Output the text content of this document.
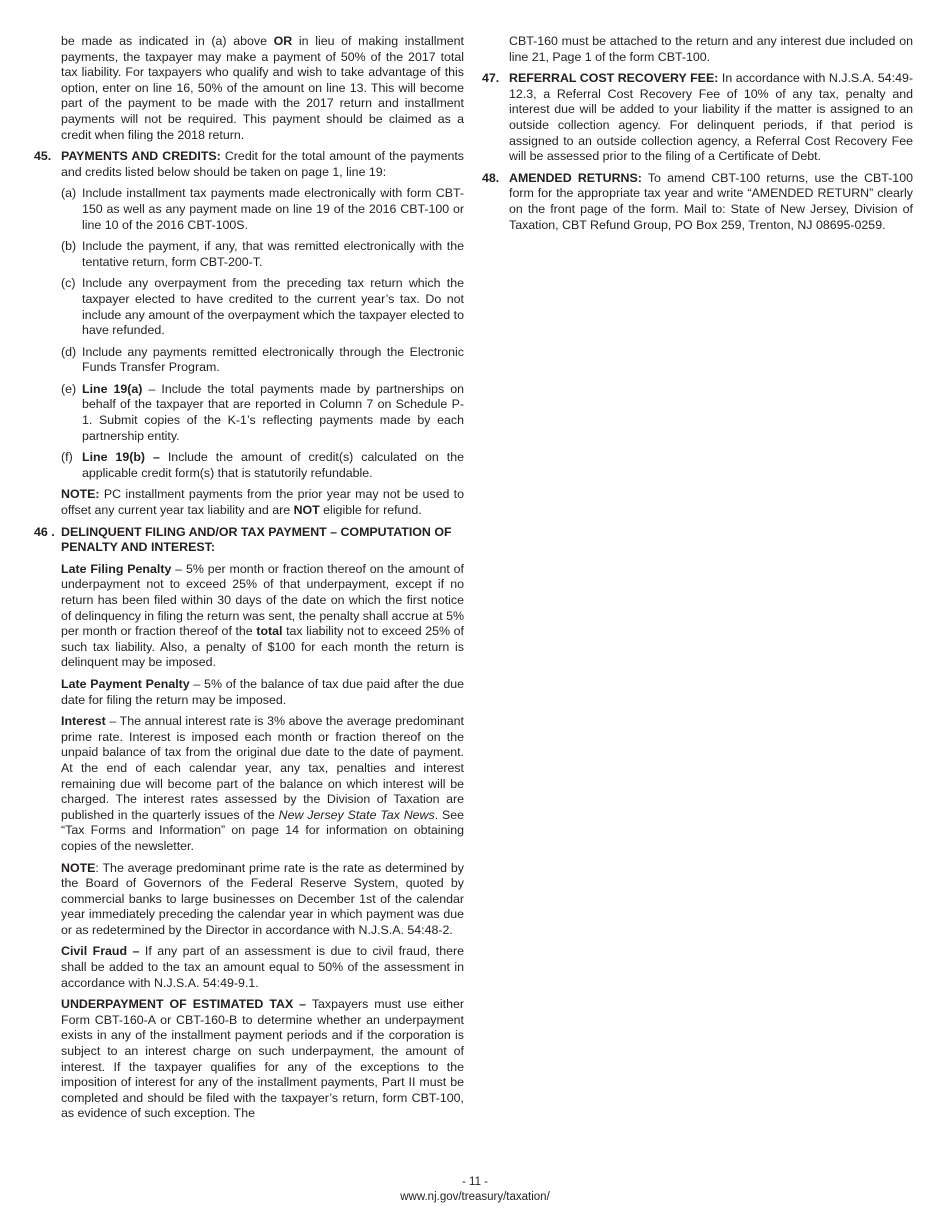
be made as indicated in (a) above OR in lieu of making installment payments, the taxpayer may make a payment of 50% of the 2017 total tax liability. For taxpayers who qualify and wish to take advantage of this option, enter on line 16, 50% of the amount on line 13. This will become part of the payment to be made with the 2017 return and installment payments will not be required. This payment should be claimed as a credit when filing the 2018 return.

45. PAYMENTS AND CREDITS: Credit for the total amount of the payments and credits listed below should be taken on page 1, line 19:

(a) Include installment tax payments made electronically with form CBT-150 as well as any payment made on line 19 of the 2016 CBT-100 or line 10 of the 2016 CBT-100S.

(b) Include the payment, if any, that was remitted electronically with the tentative return, form CBT-200-T.

(c) Include any overpayment from the preceding tax return which the taxpayer elected to have credited to the current year’s tax. Do not include any amount of the overpayment which the taxpayer elected to have refunded.

(d) Include any payments remitted electronically through the Electronic Funds Transfer Program.

(e) Line 19(a) – Include the total payments made by partnerships on behalf of the taxpayer that are reported in Column 7 on Schedule P-1. Submit copies of the K-1’s reflecting payments made by each partnership entity.

(f) Line 19(b) – Include the amount of credit(s) calculated on the applicable credit form(s) that is statutorily refundable.

NOTE: PC installment payments from the prior year may not be used to offset any current year tax liability and are NOT eligible for refund.

46 . DELINQUENT FILING AND/OR TAX PAYMENT – COMPUTATION OF PENALTY AND INTEREST:

Late Filing Penalty – 5% per month or fraction thereof on the amount of underpayment not to exceed 25% of that underpayment, except if no return has been filed within 30 days of the date on which the first notice of delinquency in filing the return was sent, the penalty shall accrue at 5% per month or fraction thereof of the total tax liability not to exceed 25% of such tax liability. Also, a penalty of $100 for each month the return is delinquent may be imposed.

Late Payment Penalty – 5% of the balance of tax due paid after the due date for filing the return may be imposed.

Interest – The annual interest rate is 3% above the average predominant prime rate. Interest is imposed each month or fraction thereof on the unpaid balance of tax from the original due date to the date of payment. At the end of each calendar year, any tax, penalties and interest remaining due will become part of the balance on which interest will be charged. The interest rates assessed by the Division of Taxation are published in the quarterly issues of the New Jersey State Tax News. See “Tax Forms and Information” on page 14 for information on obtaining copies of the newsletter.

NOTE: The average predominant prime rate is the rate as determined by the Board of Governors of the Federal Reserve System, quoted by commercial banks to large businesses on December 1st of the calendar year immediately preceding the calendar year in which payment was due or as redetermined by the Director in accordance with N.J.S.A. 54:48-2.

Civil Fraud – If any part of an assessment is due to civil fraud, there shall be added to the tax an amount equal to 50% of the assessment in accordance with N.J.S.A. 54:49-9.1.

UNDERPAYMENT OF ESTIMATED TAX – Taxpayers must use either Form CBT-160-A or CBT-160-B to determine whether an underpayment exists in any of the installment payment periods and if the corporation is subject to an interest charge on such underpayment, the amount of interest. If the taxpayer qualifies for any of the exceptions to the imposition of interest for any of the installment payments, Part II must be completed and should be filed with the taxpayer’s return, form CBT-100, as evidence of such exception. The

CBT-160 must be attached to the return and any interest due included on line 21, Page 1 of the form CBT-100.

47. REFERRAL COST RECOVERY FEE: In accordance with N.J.S.A. 54:49-12.3, a Referral Cost Recovery Fee of 10% of any tax, penalty and interest due will be added to your liability if the matter is assigned to an outside collection agency. For delinquent periods, if that period is assigned to an outside collection agency, a Referral Cost Recovery Fee will be assessed prior to the filing of a Certificate of Debt.

48. AMENDED RETURNS: To amend CBT-100 returns, use the CBT-100 form for the appropriate tax year and write “AMENDED RETURN” clearly on the front page of the form. Mail to: State of New Jersey, Division of Taxation, CBT Refund Group, PO Box 259, Trenton, NJ 08695-0259.

- 11 -
www.nj.gov/treasury/taxation/
